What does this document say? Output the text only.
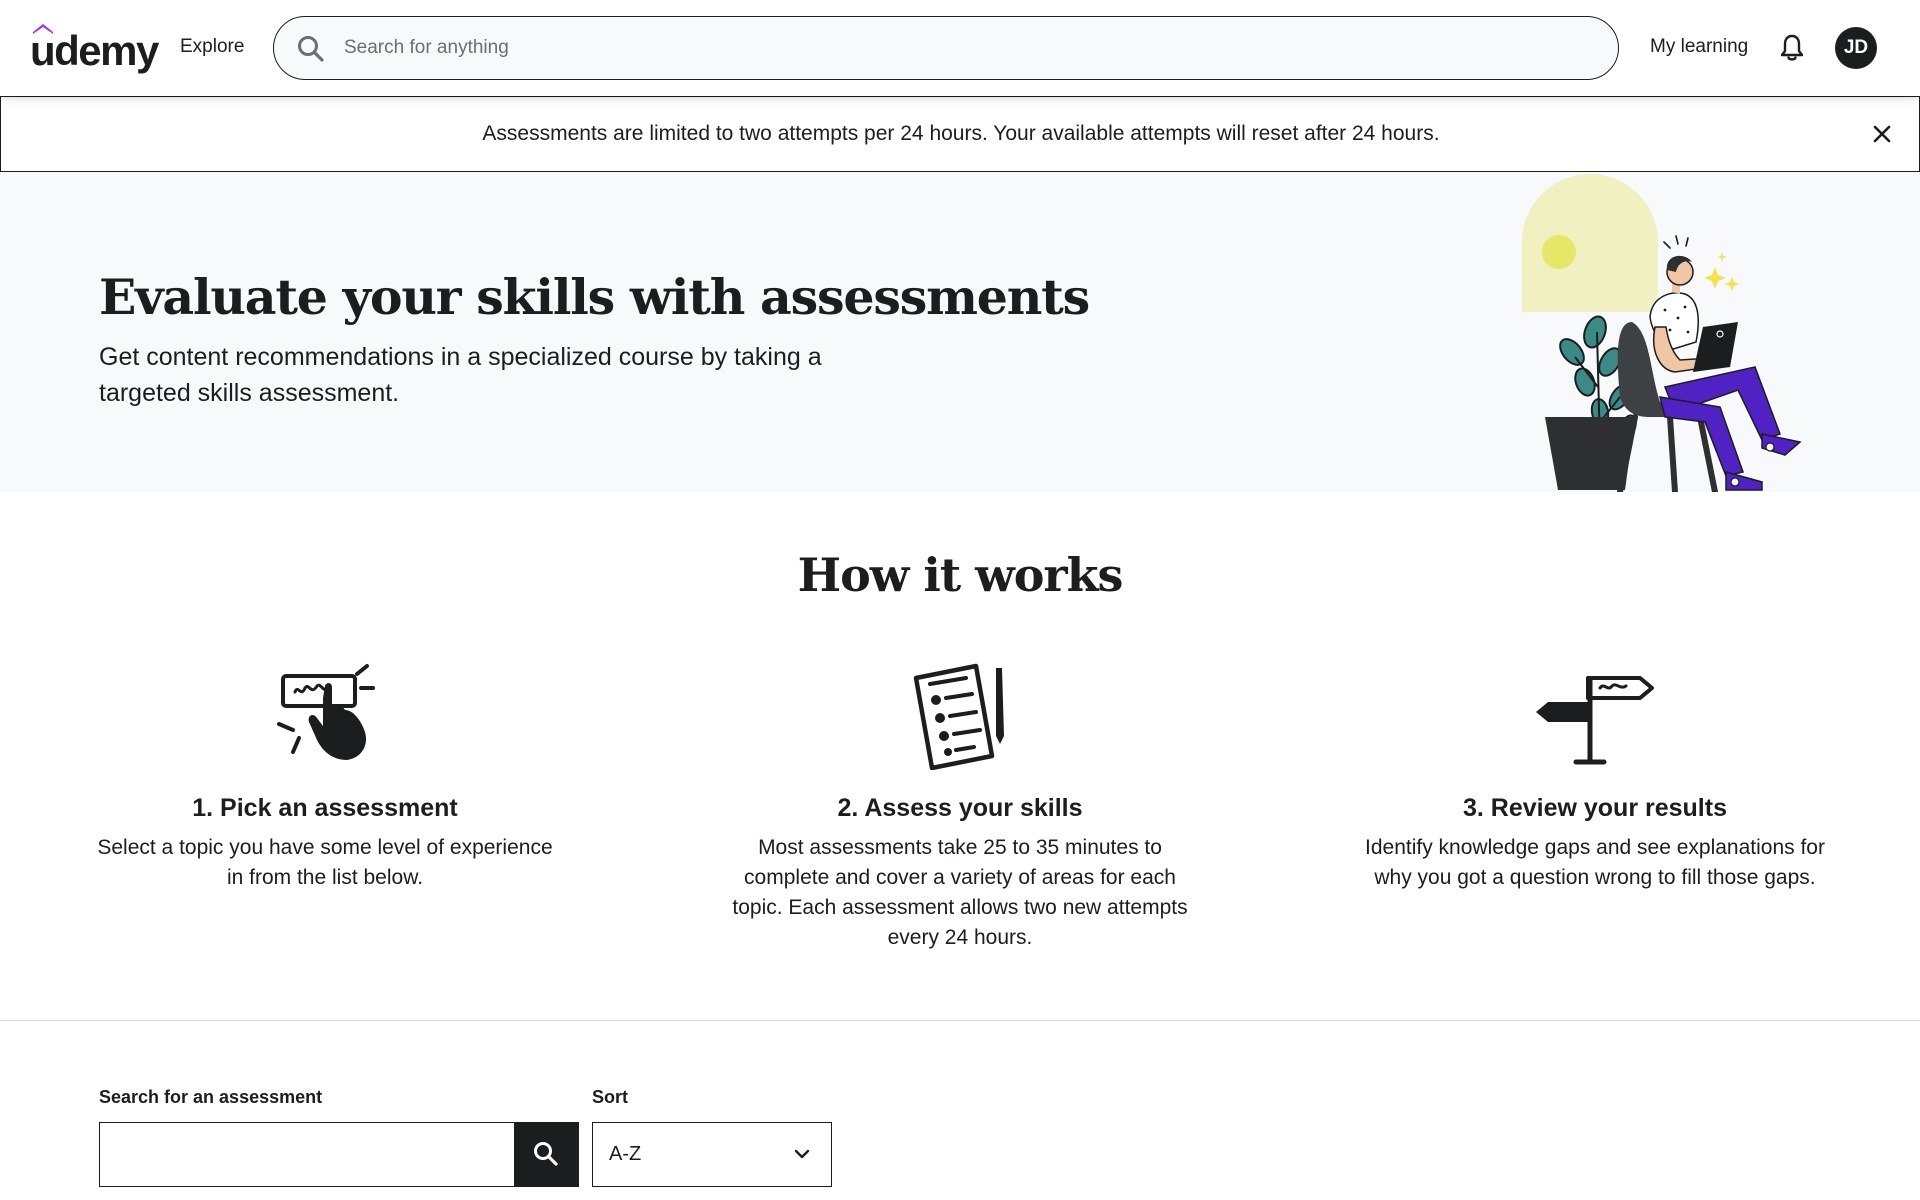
udemy Explore
Search for anything	My learning	JD
Assessments are limited to two attempts per 24 hours. Your available attempts will reset after 24 hours.
Evaluate your skills with assessments

Get content recommendations in a specialized course by taking a targeted skills assessment.

How it works
1. Pick an assessment
Select a topic you have some level of experience in from the list below.
2. Assess your skills
Most assessments take 25 to 35 minutes to complete and cover a variety of areas for each topic. Each assessment allows two new attempts every 24 hours.
3. Review your results
Identify knowledge gaps and see explanations for why you got a question wrong to fill those gaps.
Search for an assessment	Sort
A-Z
